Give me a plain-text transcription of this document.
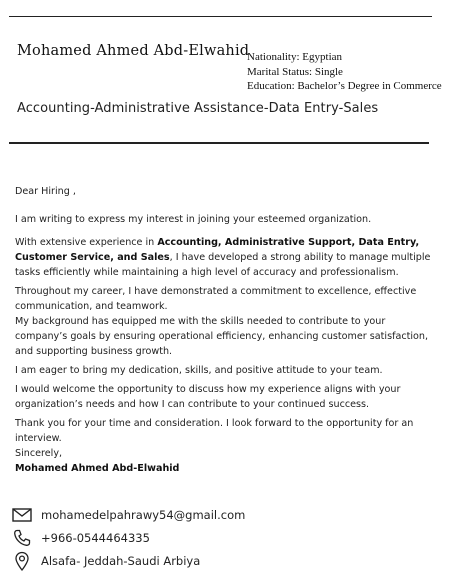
Mohamed Ahmed Abd-Elwahid
Nationality: Egyptian
Marital Status: Single
Education: Bachelor’s Degree in Commerce
Accounting-Administrative Assistance-Data Entry-Sales

Dear Hiring ,

I am writing to express my interest in joining your esteemed organization.

With extensive experience in Accounting, Administrative Support, Data Entry, Customer Service, and Sales, I have developed a strong ability to manage multiple tasks efficiently while maintaining a high level of accuracy and professionalism.

Throughout my career, I have demonstrated a commitment to excellence, effective communication, and teamwork.

My background has equipped me with the skills needed to contribute to your company’s goals by ensuring operational efficiency, enhancing customer satisfaction, and supporting business growth.

I am eager to bring my dedication, skills, and positive attitude to your team.

I would welcome the opportunity to discuss how my experience aligns with your organization’s needs and how I can contribute to your continued success.

Thank you for your time and consideration. I look forward to the opportunity for an interview.

Sincerely,

Mohamed Ahmed Abd-Elwahid

mohamedelpahrawy54@gmail.com
+966-0544464335
Alsafa- Jeddah-Saudi Arbiya
